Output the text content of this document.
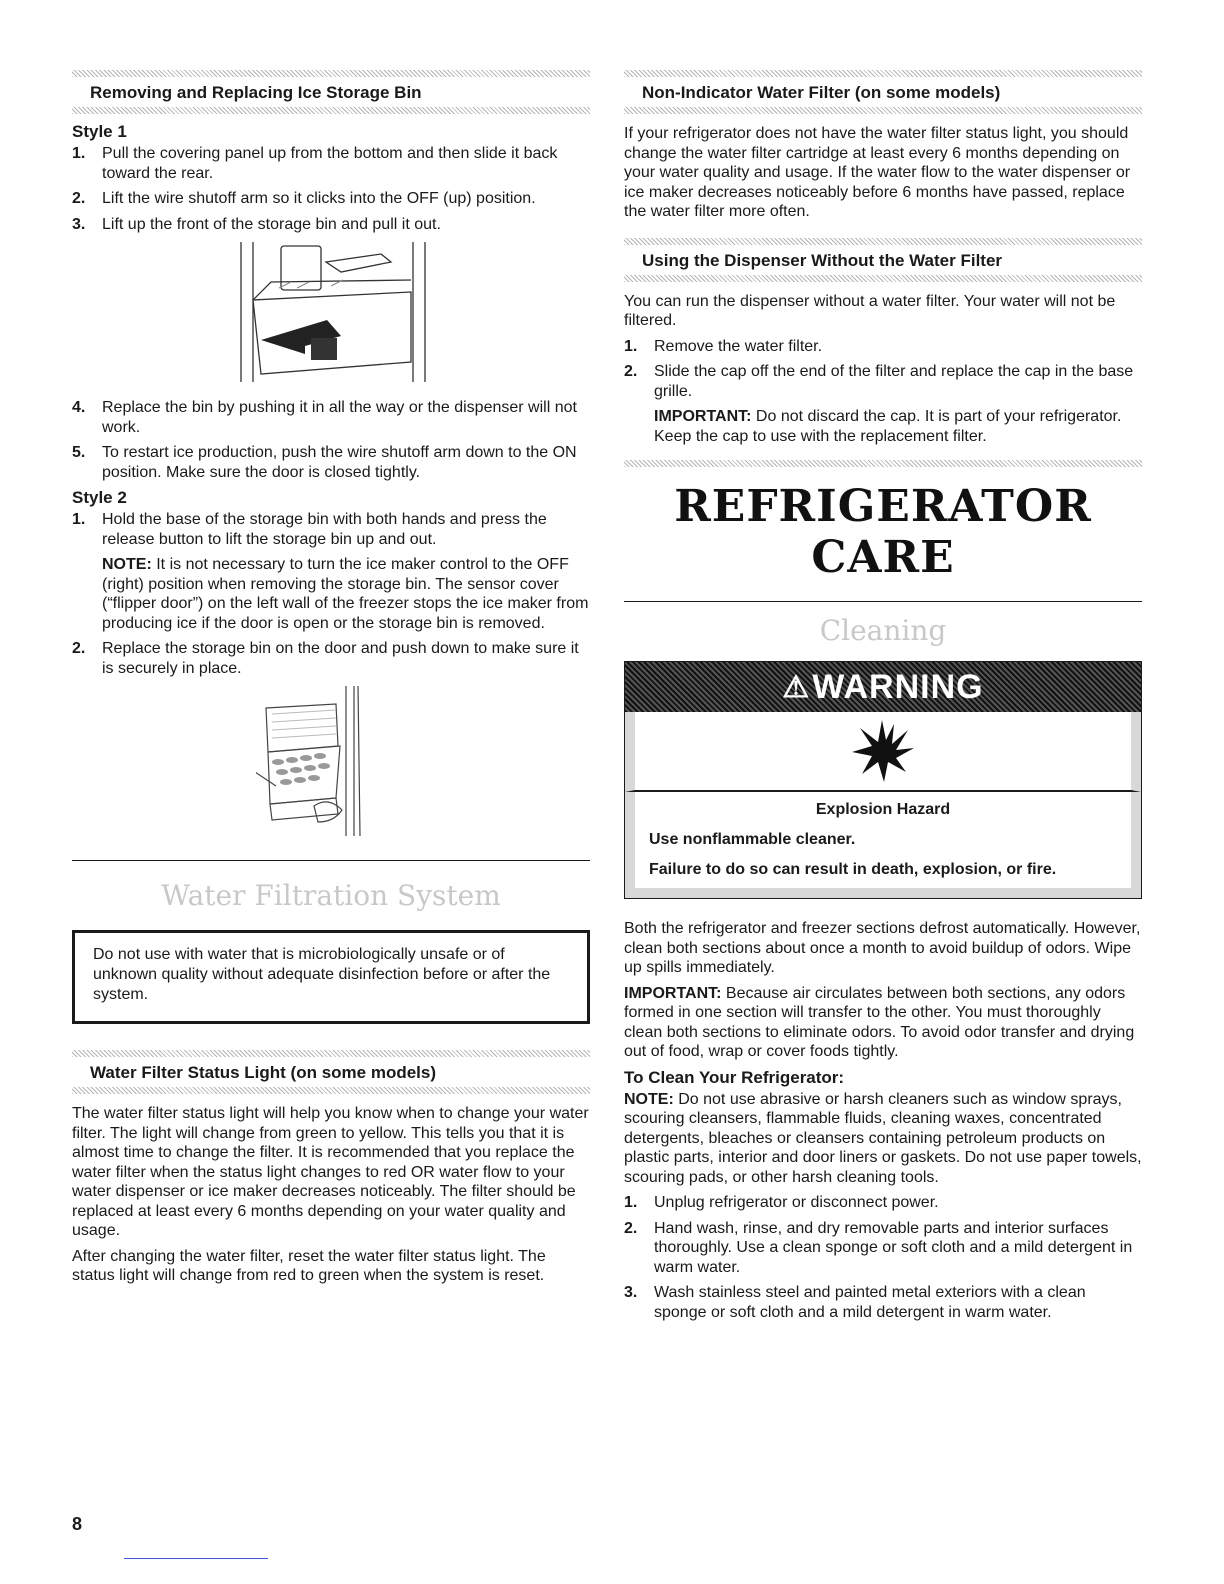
Removing and Replacing Ice Storage Bin
Style 1
1. Pull the covering panel up from the bottom and then slide it back toward the rear.
2. Lift the wire shutoff arm so it clicks into the OFF (up) position.
3. Lift up the front of the storage bin and pull it out.
4. Replace the bin by pushing it in all the way or the dispenser will not work.
5. To restart ice production, push the wire shutoff arm down to the ON position. Make sure the door is closed tightly.
Style 2
1. Hold the base of the storage bin with both hands and press the release button to lift the storage bin up and out.
NOTE: It is not necessary to turn the ice maker control to the OFF (right) position when removing the storage bin. The sensor cover (“flipper door”) on the left wall of the freezer stops the ice maker from producing ice if the door is open or the storage bin is removed.
2. Replace the storage bin on the door and push down to make sure it is securely in place.
Water Filtration System
Do not use with water that is microbiologically unsafe or of unknown quality without adequate disinfection before or after the system.
Water Filter Status Light (on some models)

The water filter status light will help you know when to change your water filter. The light will change from green to yellow. This tells you that it is almost time to change the filter. It is recommended that you replace the water filter when the status light changes to red OR water flow to your water dispenser or ice maker decreases noticeably. The filter should be replaced at least every 6 months depending on your water quality and usage.

After changing the water filter, reset the water filter status light. The status light will change from red to green when the system is reset.

Non-Indicator Water Filter (on some models)

If your refrigerator does not have the water filter status light, you should change the water filter cartridge at least every 6 months depending on your water quality and usage. If the water flow to the water dispenser or ice maker decreases noticeably before 6 months have passed, replace the water filter more often.

Using the Dispenser Without the Water Filter

You can run the dispenser without a water filter. Your water will not be filtered.

1. Remove the water filter.
2. Slide the cap off the end of the filter and replace the cap in the base grille.
IMPORTANT: Do not discard the cap. It is part of your refrigerator. Keep the cap to use with the replacement filter.
REFRIGERATOR CARE
Cleaning
⚠ WARNING
Explosion Hazard
Use nonflammable cleaner.
Failure to do so can result in death, explosion, or fire.

Both the refrigerator and freezer sections defrost automatically. However, clean both sections about once a month to avoid buildup of odors. Wipe up spills immediately.

IMPORTANT: Because air circulates between both sections, any odors formed in one section will transfer to the other. You must thoroughly clean both sections to eliminate odors. To avoid odor transfer and drying out of food, wrap or cover foods tightly.

To Clean Your Refrigerator:

NOTE: Do not use abrasive or harsh cleaners such as window sprays, scouring cleansers, flammable fluids, cleaning waxes, concentrated detergents, bleaches or cleansers containing petroleum products on plastic parts, interior and door liners or gaskets. Do not use paper towels, scouring pads, or other harsh cleaning tools.

1. Unplug refrigerator or disconnect power.
2. Hand wash, rinse, and dry removable parts and interior surfaces thoroughly. Use a clean sponge or soft cloth and a mild detergent in warm water.
3. Wash stainless steel and painted metal exteriors with a clean sponge or soft cloth and a mild detergent in warm water.
8
